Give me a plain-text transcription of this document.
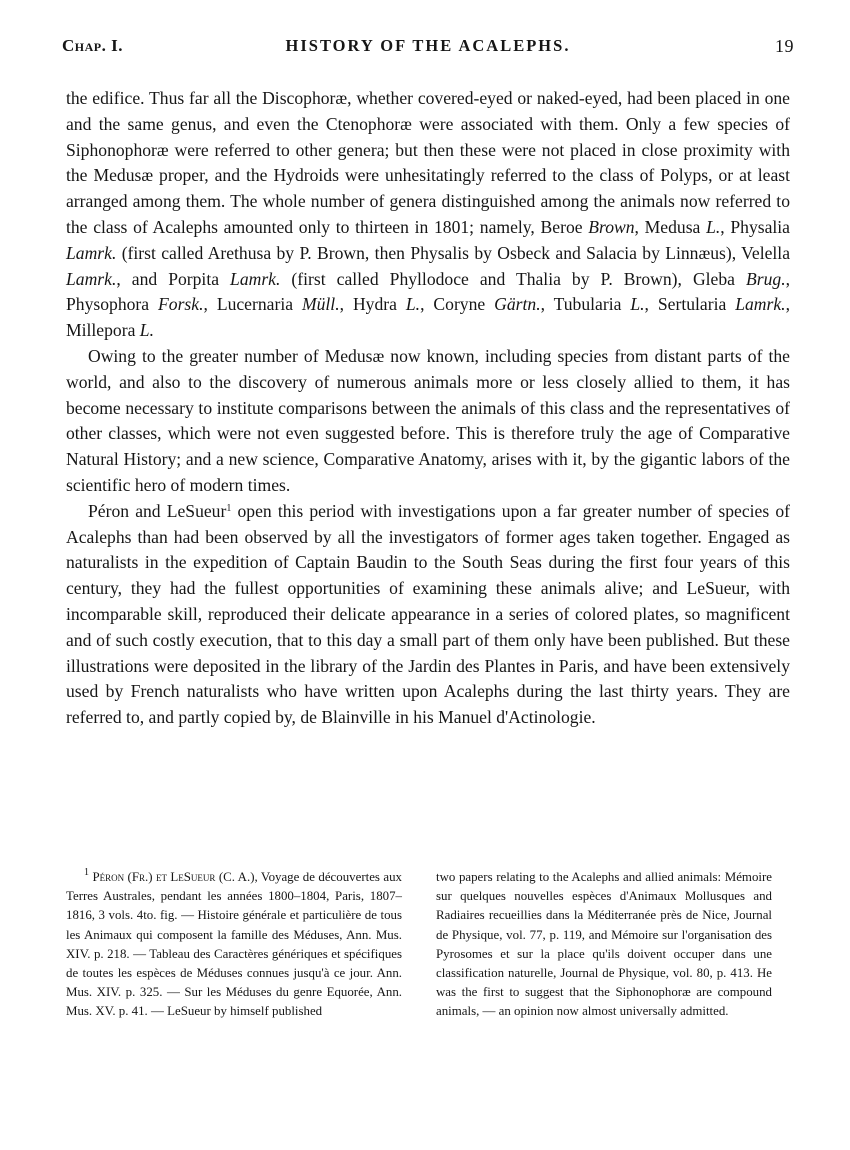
Chap. I.	HISTORY OF THE ACALEPHS.	19

the edifice. Thus far all the Discophoræ, whether covered-eyed or naked-eyed, had been placed in one and the same genus, and even the Ctenophoræ were associated with them. Only a few species of Siphonophoræ were referred to other genera; but then these were not placed in close proximity with the Medusæ proper, and the Hydroids were unhesitatingly referred to the class of Polyps, or at least arranged among them. The whole number of genera distinguished among the animals now referred to the class of Acalephs amounted only to thirteen in 1801; namely, Beroe Brown, Medusa L., Physalia Lamrk. (first called Arethusa by P. Brown, then Physalis by Osbeck and Salacia by Linnæus), Velella Lamrk., and Porpita Lamrk. (first called Phyllodoce and Thalia by P. Brown), Gleba Brug., Physophora Forsk., Lucernaria Müll., Hydra L., Coryne Gärtn., Tubularia L., Sertularia Lamrk., Millepora L.

Owing to the greater number of Medusæ now known, including species from distant parts of the world, and also to the discovery of numerous animals more or less closely allied to them, it has become necessary to institute comparisons between the animals of this class and the representatives of other classes, which were not even suggested before. This is therefore truly the age of Comparative Natural History; and a new science, Comparative Anatomy, arises with it, by the gigantic labors of the scientific hero of modern times.

Péron and LeSueur$^1$ open this period with investigations upon a far greater number of species of Acalephs than had been observed by all the investigators of former ages taken together. Engaged as naturalists in the expedition of Captain Baudin to the South Seas during the first four years of this century, they had the fullest opportunities of examining these animals alive; and LeSueur, with incomparable skill, reproduced their delicate appearance in a series of colored plates, so magnificent and of such costly execution, that to this day a small part of them only have been published. But these illustrations were deposited in the library of the Jardin des Plantes in Paris, and have been extensively used by French naturalists who have written upon Acalephs during the last thirty years. They are referred to, and partly copied by, de Blainville in his Manuel d'Actinologie.

$^1$ Péron (Fr.) et LeSueur (C. A.), Voyage de découvertes aux Terres Australes, pendant les années 1800–1804, Paris, 1807–1816, 3 vols. 4to. fig. — Histoire générale et particulière de tous les Animaux qui composent la famille des Méduses, Ann. Mus. XIV. p. 218. — Tableau des Caractères génériques et spécifiques de toutes les espèces de Méduses connues jusqu'à ce jour. Ann. Mus. XIV. p. 325. — Sur les Méduses du genre Equorée, Ann. Mus. XV. p. 41. — LeSueur by himself published
two papers relating to the Acalephs and allied animals: Mémoire sur quelques nouvelles espèces d'Animaux Mollusques and Radiaires recueillies dans la Méditerranée près de Nice, Journal de Physique, vol. 77, p. 119, and Mémoire sur l'organisation des Pyrosomes et sur la place qu'ils doivent occuper dans une classification naturelle, Journal de Physique, vol. 80, p. 413. He was the first to suggest that the Siphonophoræ are compound animals, — an opinion now almost universally admitted.
